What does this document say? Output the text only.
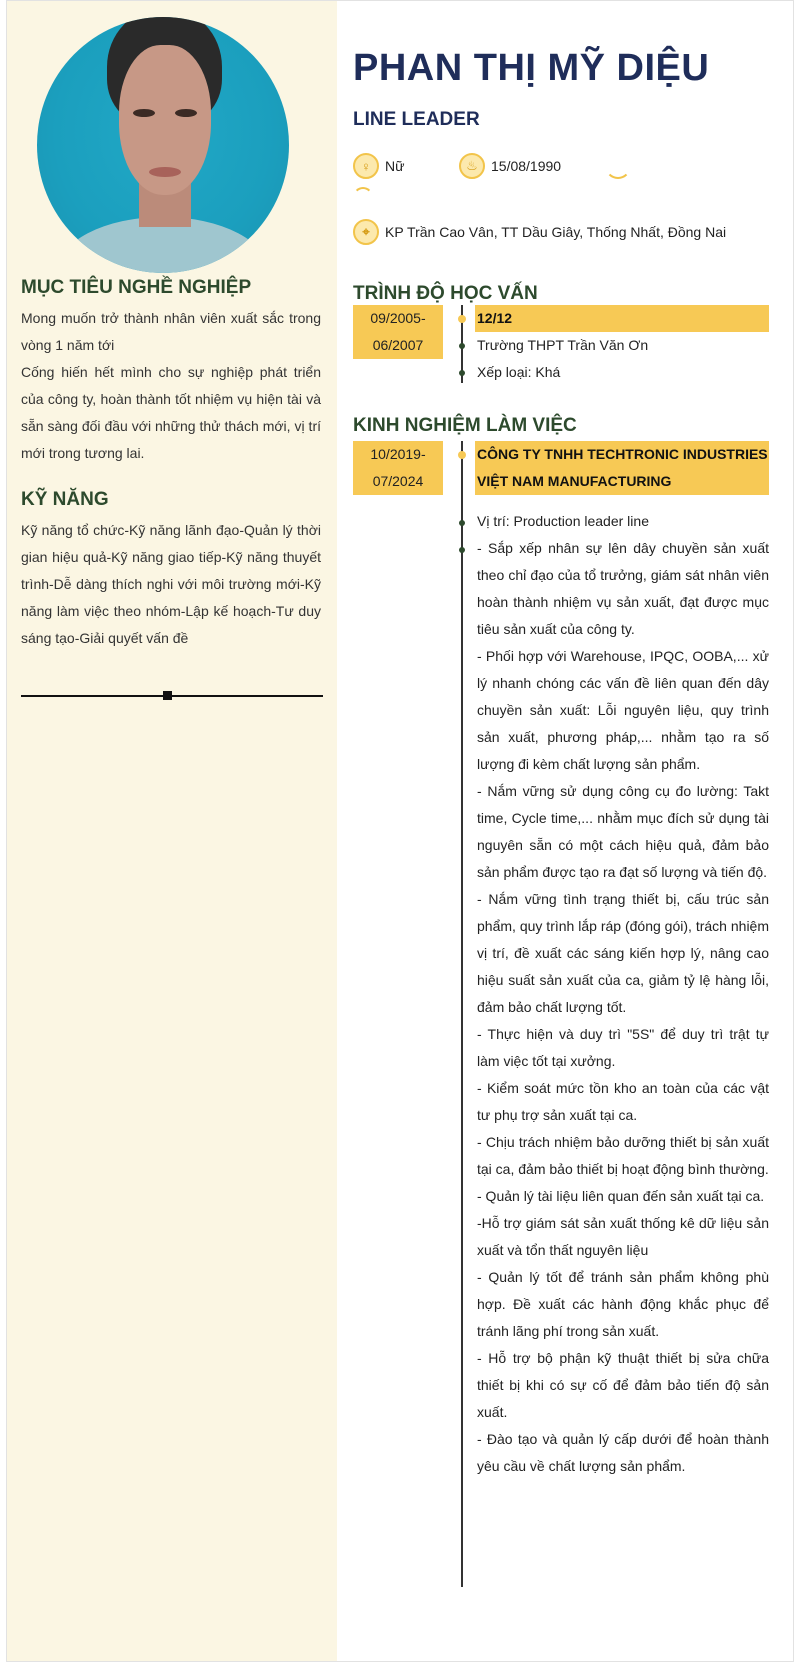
MỤC TIÊU NGHỀ NGHIỆP
Mong muốn trở thành nhân viên xuất sắc trong vòng 1 năm tới
Cống hiến hết mình cho sự nghiệp phát triển của công ty, hoàn thành tốt nhiệm vụ hiện tài và sẵn sàng đối đầu với những thử thách mới, vị trí mới trong tương lai.
KỸ NĂNG
Kỹ năng tổ chức-Kỹ năng lãnh đạo-Quản lý thời gian hiệu quả-Kỹ năng giao tiếp-Kỹ năng thuyết trình-Dễ dàng thích nghi với môi trường mới-Kỹ năng làm việc theo nhóm-Lập kế hoạch-Tư duy sáng tạo-Giải quyết vấn đề
PHAN THỊ MỸ DIỆU
LINE LEADER
♀	Nữ	♨ 15/08/1990
⌖	KP Trần Cao Vân, TT Dầu Giây, Thống Nhất, Đồng Nai
TRÌNH ĐỘ HỌC VẤN
09/2005-
06/2007
12/12
Trường THPT Trần Văn Ơn
Xếp loại: Khá
KINH NGHIỆM LÀM VIỆC
10/2019-
07/2024
CÔNG TY TNHH TECHTRONIC INDUSTRIES VIỆT NAM MANUFACTURING
Vị trí: Production leader line
- Sắp xếp nhân sự lên dây chuyền sản xuất theo chỉ đạo của tổ trưởng, giám sát nhân viên hoàn thành nhiệm vụ sản xuất, đạt được mục tiêu sản xuất của công ty.
- Phối hợp với Warehouse, IPQC, OOBA,... xử lý nhanh chóng các vấn đề liên quan đến dây chuyền sản xuất: Lỗi nguyên liệu, quy trình sản xuất, phương pháp,... nhằm tạo ra số lượng đi kèm chất lượng sản phẩm.
- Nắm vững sử dụng công cụ đo lường: Takt time, Cycle time,... nhằm mục đích sử dụng tài nguyên sẵn có một cách hiệu quả, đảm bảo sản phẩm được tạo ra đạt số lượng và tiến độ.
- Nắm vững tình trạng thiết bị, cấu trúc sản phẩm, quy trình lắp ráp (đóng gói), trách nhiệm vị trí, đề xuất các sáng kiến hợp lý, nâng cao hiệu suất sản xuất của ca, giảm tỷ lệ hàng lỗi, đảm bảo chất lượng tốt.
- Thực hiện và duy trì "5S" để duy trì trật tự làm việc tốt tại xưởng.
- Kiểm soát mức tồn kho an toàn của các vật tư phụ trợ sản xuất tại ca.
- Chịu trách nhiệm bảo dưỡng thiết bị sản xuất tại ca, đảm bảo thiết bị hoạt động bình thường.
- Quản lý tài liệu liên quan đến sản xuất tại ca.
-Hỗ trợ giám sát sản xuất thống kê dữ liệu sản xuất và tổn thất nguyên liệu
- Quản lý tốt để tránh sản phẩm không phù hợp. Đề xuất các hành động khắc phục để tránh lãng phí trong sản xuất.
- Hỗ trợ bộ phận kỹ thuật thiết bị sửa chữa thiết bị khi có sự cố để đảm bảo tiến độ sản xuất.
- Đào tạo và quản lý cấp dưới để hoàn thành yêu cầu về chất lượng sản phẩm.
